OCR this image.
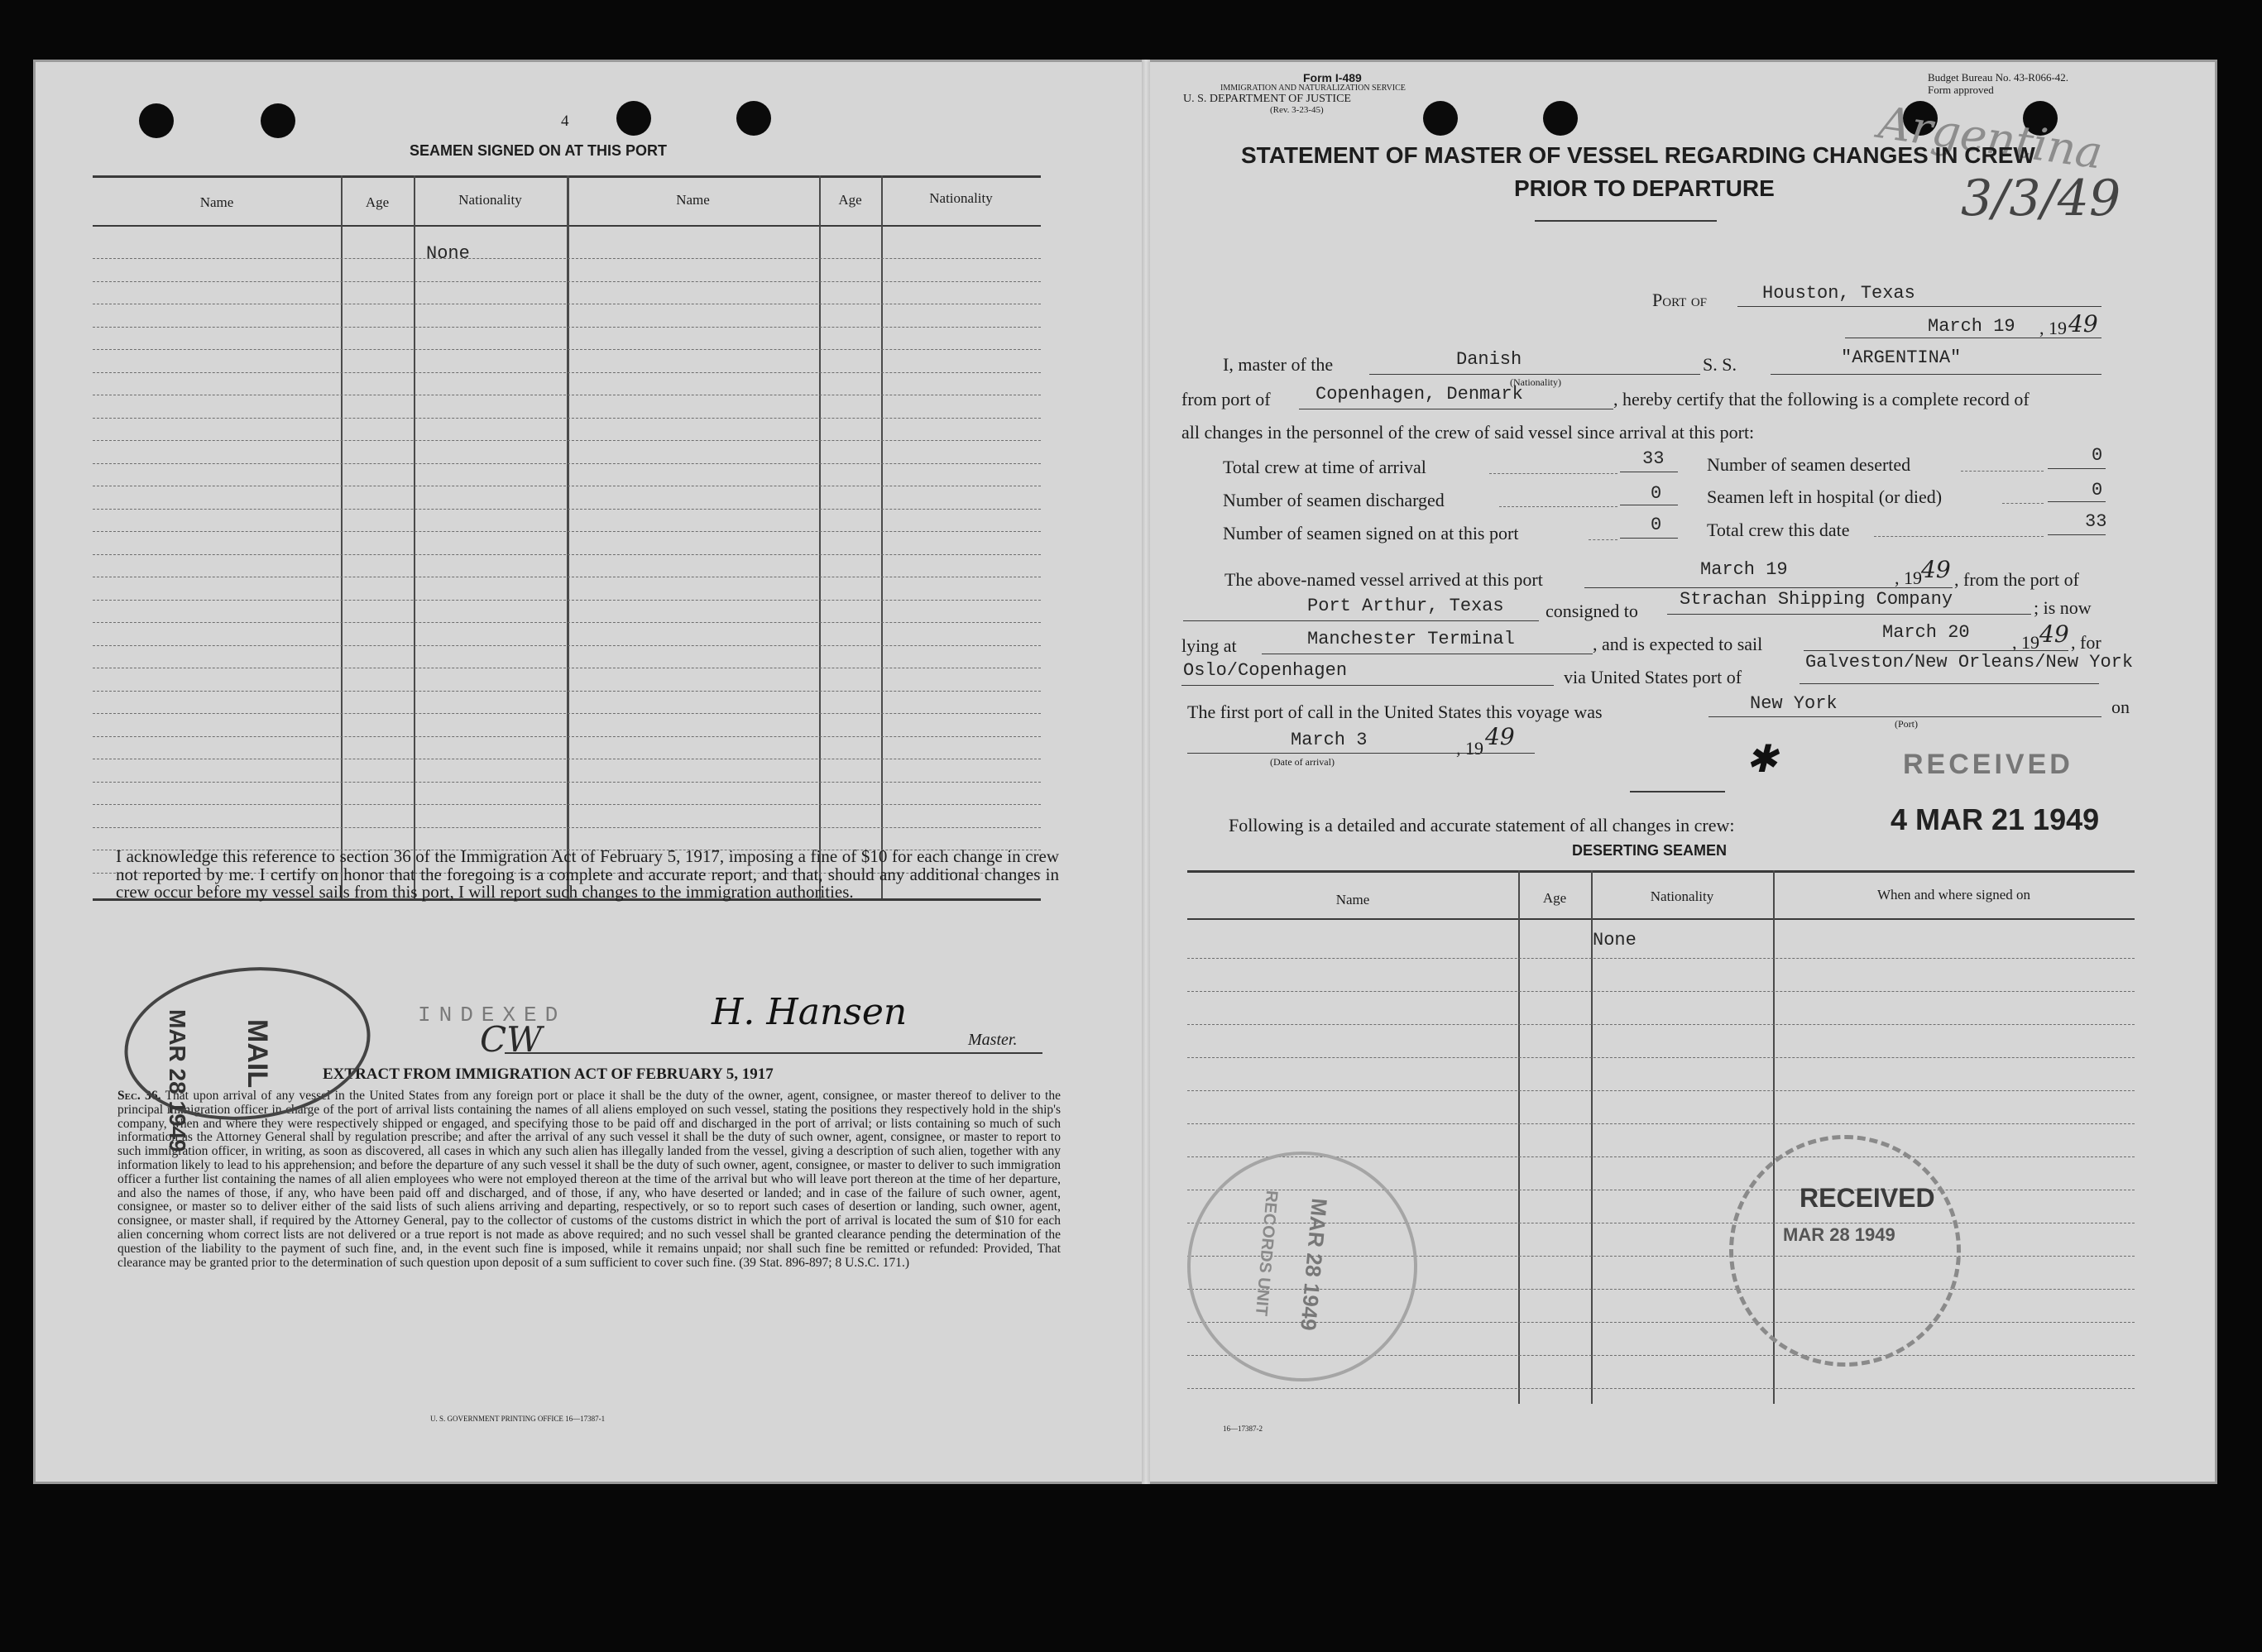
4
SEAMEN SIGNED ON AT THIS PORT
Name	Age	Nationality	Name	Age	Nationality
None
I acknowledge this reference to section 36 of the Immigration Act of February 5, 1917, imposing a fine of $10 for each change in crew not reported by me. I certify on honor that the foregoing is a complete and accurate report, and that, should any additional changes in crew occur before my vessel sails from this port, I will report such changes to the immigration authorities.
INDEXED
CW
H. Hansen
Master.
EXTRACT FROM IMMIGRATION ACT OF FEBRUARY 5, 1917
Sec. 36. That upon arrival of any vessel in the United States from any foreign port or place it shall be the duty of the owner, agent, consignee, or master thereof to deliver to the principal immigration officer in charge of the port of arrival lists containing the names of all aliens employed on such vessel, stating the positions they respectively hold in the ship's company, when and where they were respectively shipped or engaged, and specifying those to be paid off and discharged in the port of arrival; or lists containing so much of such information as the Attorney General shall by regulation prescribe; and after the arrival of any such vessel it shall be the duty of such owner, agent, consignee, or master to report to such immigration officer, in writing, as soon as discovered, all cases in which any such alien has illegally landed from the vessel, giving a description of such alien, together with any information likely to lead to his apprehension; and before the departure of any such vessel it shall be the duty of such owner, agent, consignee, or master to deliver to such immigration officer a further list containing the names of all alien employees who were not employed thereon at the time of the arrival but who will leave port thereon at the time of her departure, and also the names of those, if any, who have been paid off and discharged, and of those, if any, who have deserted or landed; and in case of the failure of such owner, agent, consignee, or master so to deliver either of the said lists of such aliens arriving and departing, respectively, or so to report such cases of desertion or landing, such owner, agent, consignee, or master shall, if required by the Attorney General, pay to the collector of customs of the customs district in which the port of arrival is located the sum of $10 for each alien concerning whom correct lists are not delivered or a true report is not made as above required; and no such vessel shall be granted clearance pending the determination of the question of the liability to the payment of such fine, and, in the event such fine is imposed, while it remains unpaid; nor shall such fine be remitted or refunded: Provided, That clearance may be granted prior to the determination of such question upon deposit of a sum sufficient to cover such fine. (39 Stat. 896-897; 8 U.S.C. 171.)
U. S. GOVERNMENT PRINTING OFFICE 16—17387-1
MAR 28 1949 MAIL
Form I-489
IMMIGRATION AND NATURALIZATION SERVICE
U. S. DEPARTMENT OF JUSTICE
(Rev. 3-23-45)
Budget Bureau No. 43-R066-42.
Form approved
Argentina
3/3/49
STATEMENT OF MASTER OF VESSEL REGARDING CHANGES IN CREW
PRIOR TO DEPARTURE
Port of	Houston, Texas
March 19 , 19 49
I, master of the	Danish
(Nationality)
S. S.	"ARGENTINA"
from port of Copenhagen, Denmark	, hereby certify that the following is a complete record of
all changes in the personnel of the crew of said vessel since arrival at this port:
Total crew at time of arrival	33 Number of seamen deserted	0
Number of seamen discharged	0 Seamen left in hospital (or died)	0
Number of seamen signed on at this port	0 Total crew this date	33
The above-named vessel arrived at this port	March 19	, 19 49 , from the port of
Port Arthur, Texas consigned to
Strachan Shipping Company	; is now
lying at	Manchester Terminal	, and is expected to sail
March 20 , 19 49 , for
Oslo/Copenhagen	via United States port of
Galveston/New Orleans/New York
The first port of call in the United States this voyage was	New York
(Port)
on
March 3	, 19 49
(Date of arrival)
Following is a detailed and accurate statement of all changes in crew:
DESERTING SEAMEN
RECEIVED
4 MAR 21 1949
✱
Name	Age	Nationality	When and where signed on
None
RECORDS UNIT MAR 28 1949	RECEIVED
MAR 28 1949
16—17387-2
